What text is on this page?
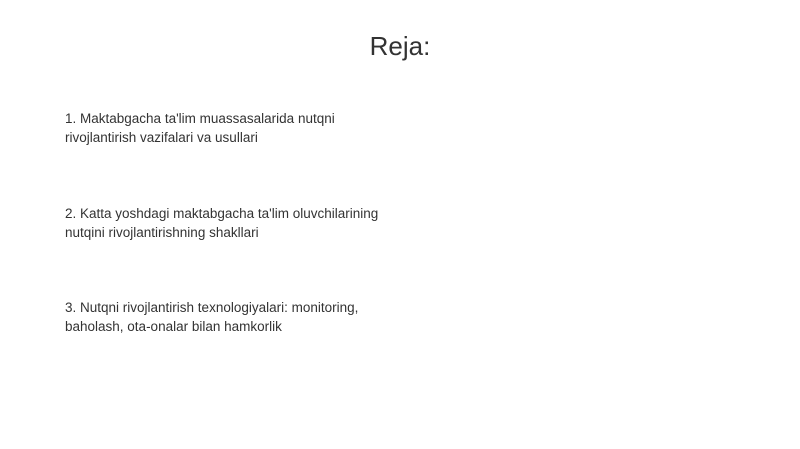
Reja:
1. Maktabgacha ta'lim muassasalarida nutqni
rivojlantirish vazifalari va usullari
2. Katta yoshdagi maktabgacha ta'lim oluvchilarining
nutqini rivojlantirishning shakllari
3. Nutqni rivojlantirish texnologiyalari: monitoring,
baholash, ota-onalar bilan hamkorlik
